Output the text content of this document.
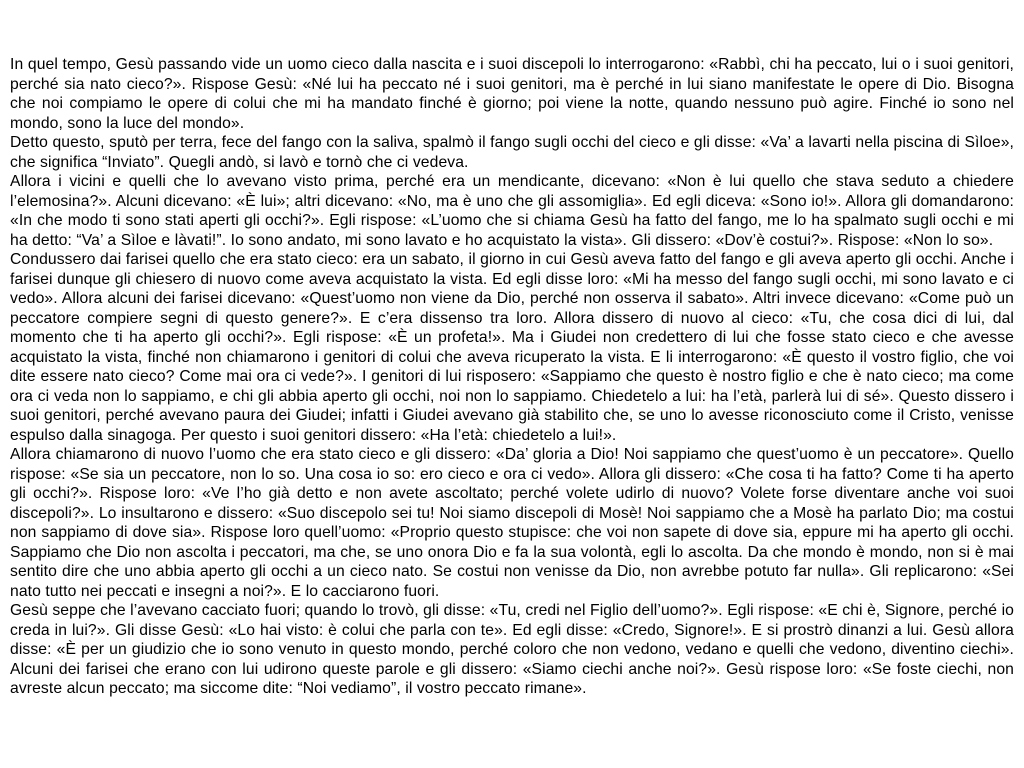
In quel tempo, Gesù passando vide un uomo cieco dalla nascita e i suoi discepoli lo interrogarono: «Rabbì, chi ha peccato, lui o i suoi genitori, perché sia nato cieco?». Rispose Gesù: «Né lui ha peccato né i suoi genitori, ma è perché in lui siano manifestate le opere di Dio. Bisogna che noi compiamo le opere di colui che mi ha mandato finché è giorno; poi viene la notte, quando nessuno può agire. Finché io sono nel mondo, sono la luce del mondo».

Detto questo, sputò per terra, fece del fango con la saliva, spalmò il fango sugli occhi del cieco e gli disse: «Va’ a lavarti nella piscina di Sìloe», che significa “Inviato”. Quegli andò, si lavò e tornò che ci vedeva.

Allora i vicini e quelli che lo avevano visto prima, perché era un mendicante, dicevano: «Non è lui quello che stava seduto a chiedere l’elemosina?». Alcuni dicevano: «È lui»; altri dicevano: «No, ma è uno che gli assomiglia». Ed egli diceva: «Sono io!». Allora gli domandarono: «In che modo ti sono stati aperti gli occhi?». Egli rispose: «L’uomo che si chiama Gesù ha fatto del fango, me lo ha spalmato sugli occhi e mi ha detto: “Va’ a Sìloe e làvati!”. Io sono andato, mi sono lavato e ho acquistato la vista». Gli dissero: «Dov’è costui?». Rispose: «Non lo so».

Condussero dai farisei quello che era stato cieco: era un sabato, il giorno in cui Gesù aveva fatto del fango e gli aveva aperto gli occhi. Anche i farisei dunque gli chiesero di nuovo come aveva acquistato la vista. Ed egli disse loro: «Mi ha messo del fango sugli occhi, mi sono lavato e ci vedo». Allora alcuni dei farisei dicevano: «Quest’uomo non viene da Dio, perché non osserva il sabato». Altri invece dicevano: «Come può un peccatore compiere segni di questo genere?». E c’era dissenso tra loro. Allora dissero di nuovo al cieco: «Tu, che cosa dici di lui, dal momento che ti ha aperto gli occhi?». Egli rispose: «È un profeta!». Ma i Giudei non credettero di lui che fosse stato cieco e che avesse acquistato la vista, finché non chiamarono i genitori di colui che aveva ricuperato la vista. E li interrogarono: «È questo il vostro figlio, che voi dite essere nato cieco? Come mai ora ci vede?». I genitori di lui risposero: «Sappiamo che questo è nostro figlio e che è nato cieco; ma come ora ci veda non lo sappiamo, e chi gli abbia aperto gli occhi, noi non lo sappiamo. Chiedetelo a lui: ha l’età, parlerà lui di sé». Questo dissero i suoi genitori, perché avevano paura dei Giudei; infatti i Giudei avevano già stabilito che, se uno lo avesse riconosciuto come il Cristo, venisse espulso dalla sinagoga. Per questo i suoi genitori dissero: «Ha l’età: chiedetelo a lui!».

Allora chiamarono di nuovo l’uomo che era stato cieco e gli dissero: «Da’ gloria a Dio! Noi sappiamo che quest’uomo è un peccatore». Quello rispose: «Se sia un peccatore, non lo so. Una cosa io so: ero cieco e ora ci vedo». Allora gli dissero: «Che cosa ti ha fatto? Come ti ha aperto gli occhi?». Rispose loro: «Ve l’ho già detto e non avete ascoltato; perché volete udirlo di nuovo? Volete forse diventare anche voi suoi discepoli?». Lo insultarono e dissero: «Suo discepolo sei tu! Noi siamo discepoli di Mosè! Noi sappiamo che a Mosè ha parlato Dio; ma costui non sappiamo di dove sia». Rispose loro quell’uomo: «Proprio questo stupisce: che voi non sapete di dove sia, eppure mi ha aperto gli occhi. Sappiamo che Dio non ascolta i peccatori, ma che, se uno onora Dio e fa la sua volontà, egli lo ascolta. Da che mondo è mondo, non si è mai sentito dire che uno abbia aperto gli occhi a un cieco nato. Se costui non venisse da Dio, non avrebbe potuto far nulla». Gli replicarono: «Sei nato tutto nei peccati e insegni a noi?». E lo cacciarono fuori.

Gesù seppe che l’avevano cacciato fuori; quando lo trovò, gli disse: «Tu, credi nel Figlio dell’uomo?». Egli rispose: «E chi è, Signore, perché io creda in lui?». Gli disse Gesù: «Lo hai visto: è colui che parla con te». Ed egli disse: «Credo, Signore!». E si prostrò dinanzi a lui. Gesù allora disse: «È per un giudizio che io sono venuto in questo mondo, perché coloro che non vedono, vedano e quelli che vedono, diventino ciechi». Alcuni dei farisei che erano con lui udirono queste parole e gli dissero: «Siamo ciechi anche noi?». Gesù rispose loro: «Se foste ciechi, non avreste alcun peccato; ma siccome dite: “Noi vediamo”, il vostro peccato rimane».
